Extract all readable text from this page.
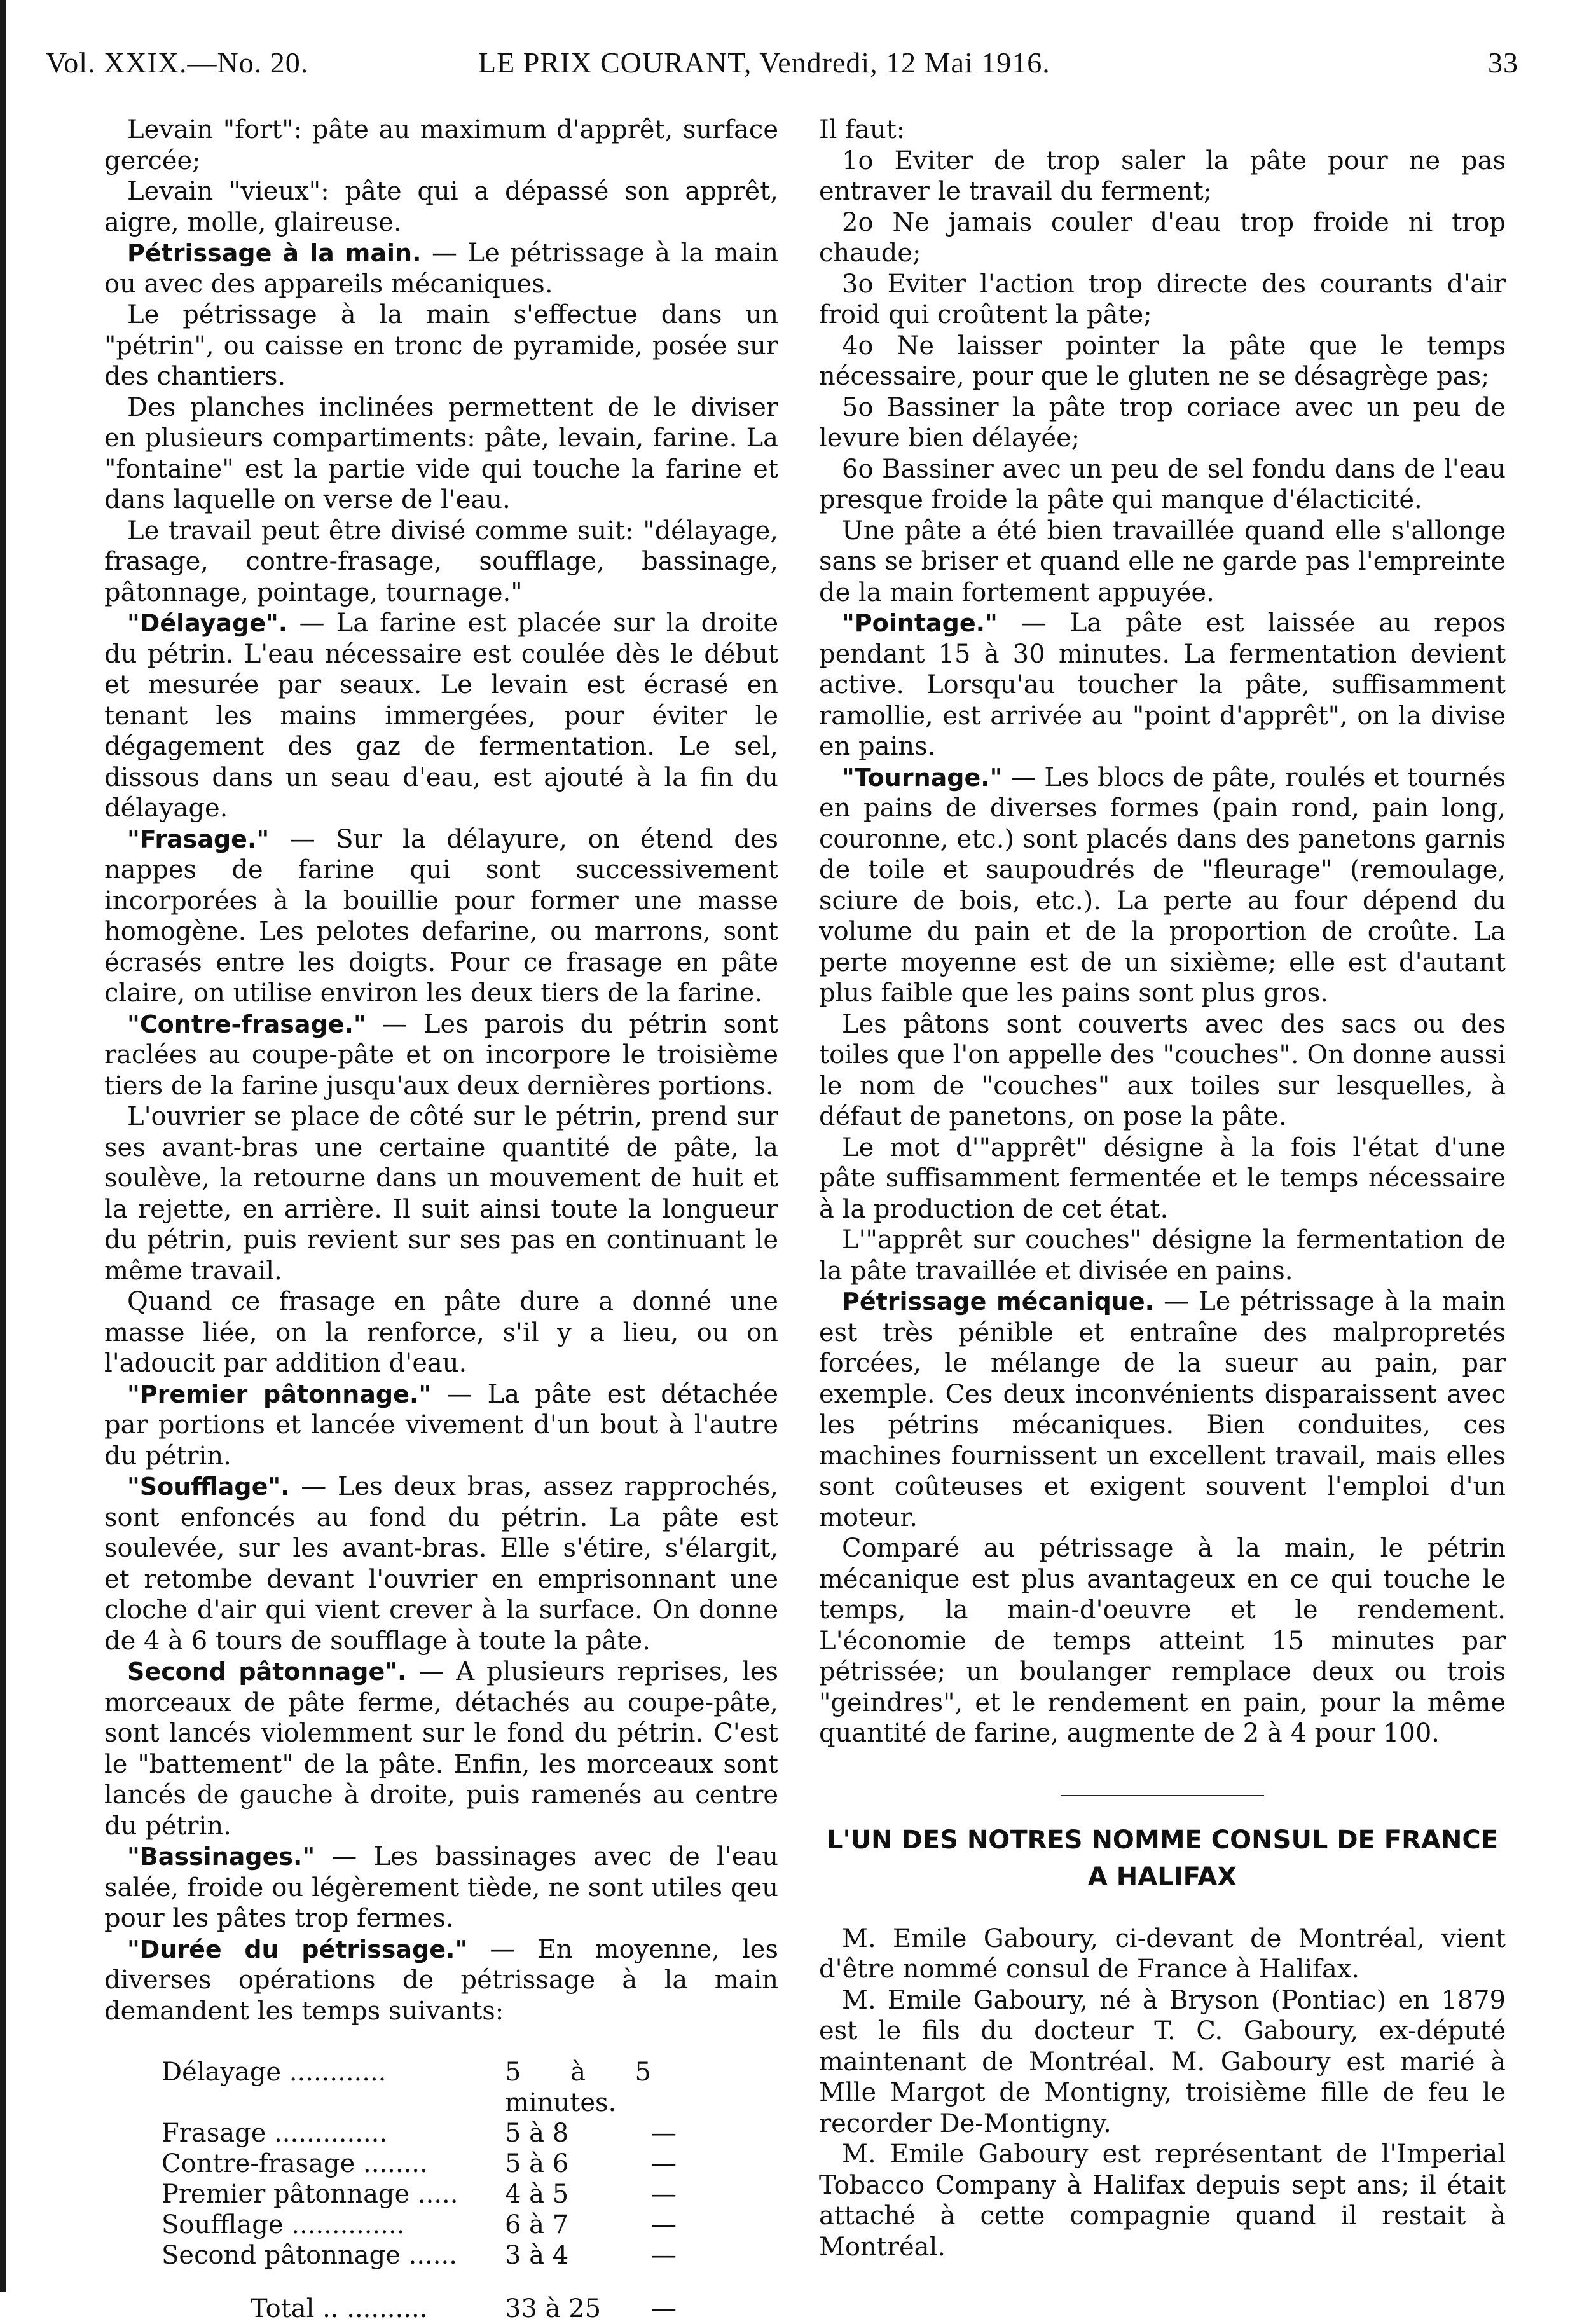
Vol. XXIX.—No. 20.	LE PRIX COURANT, Vendredi, 12 Mai 1916.	33

Levain "fort": pâte au maximum d'apprêt, surface gercée;

Levain "vieux": pâte qui a dépassé son apprêt, aigre, molle, glaireuse.

Pétrissage à la main. — Le pétrissage à la main ou avec des appareils mécaniques.

Le pétrissage à la main s'effectue dans un "pétrin", ou caisse en tronc de pyramide, posée sur des chantiers.

Des planches inclinées permettent de le diviser en plusieurs compartiments: pâte, levain, farine. La "fontaine" est la partie vide qui touche la farine et dans laquelle on verse de l'eau.

Le travail peut être divisé comme suit: "délayage, frasage, contre-frasage, soufflage, bassinage, pâtonnage, pointage, tournage."

"Délayage". — La farine est placée sur la droite du pétrin. L'eau nécessaire est coulée dès le début et mesurée par seaux. Le levain est écrasé en tenant les mains immergées, pour éviter le dégagement des gaz de fermentation. Le sel, dissous dans un seau d'eau, est ajouté à la fin du délayage.

"Frasage." — Sur la délayure, on étend des nappes de farine qui sont successivement incorporées à la bouillie pour former une masse homogène. Les pelotes defarine, ou marrons, sont écrasés entre les doigts. Pour ce frasage en pâte claire, on utilise environ les deux tiers de la farine.

"Contre-frasage." — Les parois du pétrin sont raclées au coupe-pâte et on incorpore le troisième tiers de la farine jusqu'aux deux dernières portions.

L'ouvrier se place de côté sur le pétrin, prend sur ses avant-bras une certaine quantité de pâte, la soulève, la retourne dans un mouvement de huit et la rejette, en arrière. Il suit ainsi toute la longueur du pétrin, puis revient sur ses pas en continuant le même travail.

Quand ce frasage en pâte dure a donné une masse liée, on la renforce, s'il y a lieu, ou on l'adoucit par addition d'eau.

"Premier pâtonnage." — La pâte est détachée par portions et lancée vivement d'un bout à l'autre du pétrin.

"Soufflage". — Les deux bras, assez rapprochés, sont enfoncés au fond du pétrin. La pâte est soulevée, sur les avant-bras. Elle s'étire, s'élargit, et retombe devant l'ouvrier en emprisonnant une cloche d'air qui vient crever à la surface. On donne de 4 à 6 tours de soufflage à toute la pâte.

Second pâtonnage". — A plusieurs reprises, les morceaux de pâte ferme, détachés au coupe-pâte, sont lancés violemment sur le fond du pétrin. C'est le "battement" de la pâte. Enfin, les morceaux sont lancés de gauche à droite, puis ramenés au centre du pétrin.

"Bassinages." — Les bassinages avec de l'eau salée, froide ou légèrement tiède, ne sont utiles qeu pour les pâtes trop fermes.

"Durée du pétrissage." — En moyenne, les diverses opérations de pétrissage à la main demandent les temps suivants:

Délayage ............	5 à 5 minutes.
Frasage ..............	5 à 8	—
Contre-frasage ........	5 à 6	—
Premier pâtonnage .....	4 à 5	—
Soufflage ..............	6 à 7	—
Second pâtonnage ......	3 à 4	—
Total .. ..........	33 à 25	—

Il faut:

1o Eviter de trop saler la pâte pour ne pas entraver le travail du ferment;

2o Ne jamais couler d'eau trop froide ni trop chaude;

3o Eviter l'action trop directe des courants d'air froid qui croûtent la pâte;

4o Ne laisser pointer la pâte que le temps nécessaire, pour que le gluten ne se désagrège pas;

5o Bassiner la pâte trop coriace avec un peu de levure bien délayée;

6o Bassiner avec un peu de sel fondu dans de l'eau presque froide la pâte qui manque d'élacticité.

Une pâte a été bien travaillée quand elle s'allonge sans se briser et quand elle ne garde pas l'empreinte de la main fortement appuyée.

"Pointage." — La pâte est laissée au repos pendant 15 à 30 minutes. La fermentation devient active. Lorsqu'au toucher la pâte, suffisamment ramollie, est arrivée au "point d'apprêt", on la divise en pains.

"Tournage." — Les blocs de pâte, roulés et tournés en pains de diverses formes (pain rond, pain long, couronne, etc.) sont placés dans des panetons garnis de toile et saupoudrés de "fleurage" (remoulage, sciure de bois, etc.). La perte au four dépend du volume du pain et de la proportion de croûte. La perte moyenne est de un sixième; elle est d'autant plus faible que les pains sont plus gros.

Les pâtons sont couverts avec des sacs ou des toiles que l'on appelle des "couches". On donne aussi le nom de "couches" aux toiles sur lesquelles, à défaut de panetons, on pose la pâte.

Le mot d'"apprêt" désigne à la fois l'état d'une pâte suffisamment fermentée et le temps nécessaire à la production de cet état.

L'"apprêt sur couches" désigne la fermentation de la pâte travaillée et divisée en pains.

Pétrissage mécanique. — Le pétrissage à la main est très pénible et entraîne des malpropretés forcées, le mélange de la sueur au pain, par exemple. Ces deux inconvénients disparaissent avec les pétrins mécaniques. Bien conduites, ces machines fournissent un excellent travail, mais elles sont coûteuses et exigent souvent l'emploi d'un moteur.

Comparé au pétrissage à la main, le pétrin mécanique est plus avantageux en ce qui touche le temps, la main-d'oeuvre et le rendement. L'économie de temps atteint 15 minutes par pétrissée; un boulanger remplace deux ou trois "geindres", et le rendement en pain, pour la même quantité de farine, augmente de 2 à 4 pour 100.

L'UN DES NOTRES NOMME CONSUL DE FRANCE
A HALIFAX

M. Emile Gaboury, ci-devant de Montréal, vient d'être nommé consul de France à Halifax.

M. Emile Gaboury, né à Bryson (Pontiac) en 1879 est le fils du docteur T. C. Gaboury, ex-député maintenant de Montréal. M. Gaboury est marié à Mlle Margot de Montigny, troisième fille de feu le recorder De-Montigny.

M. Emile Gaboury est représentant de l'Imperial Tobacco Company à Halifax depuis sept ans; il était attaché à cette compagnie quand il restait à Montréal.
